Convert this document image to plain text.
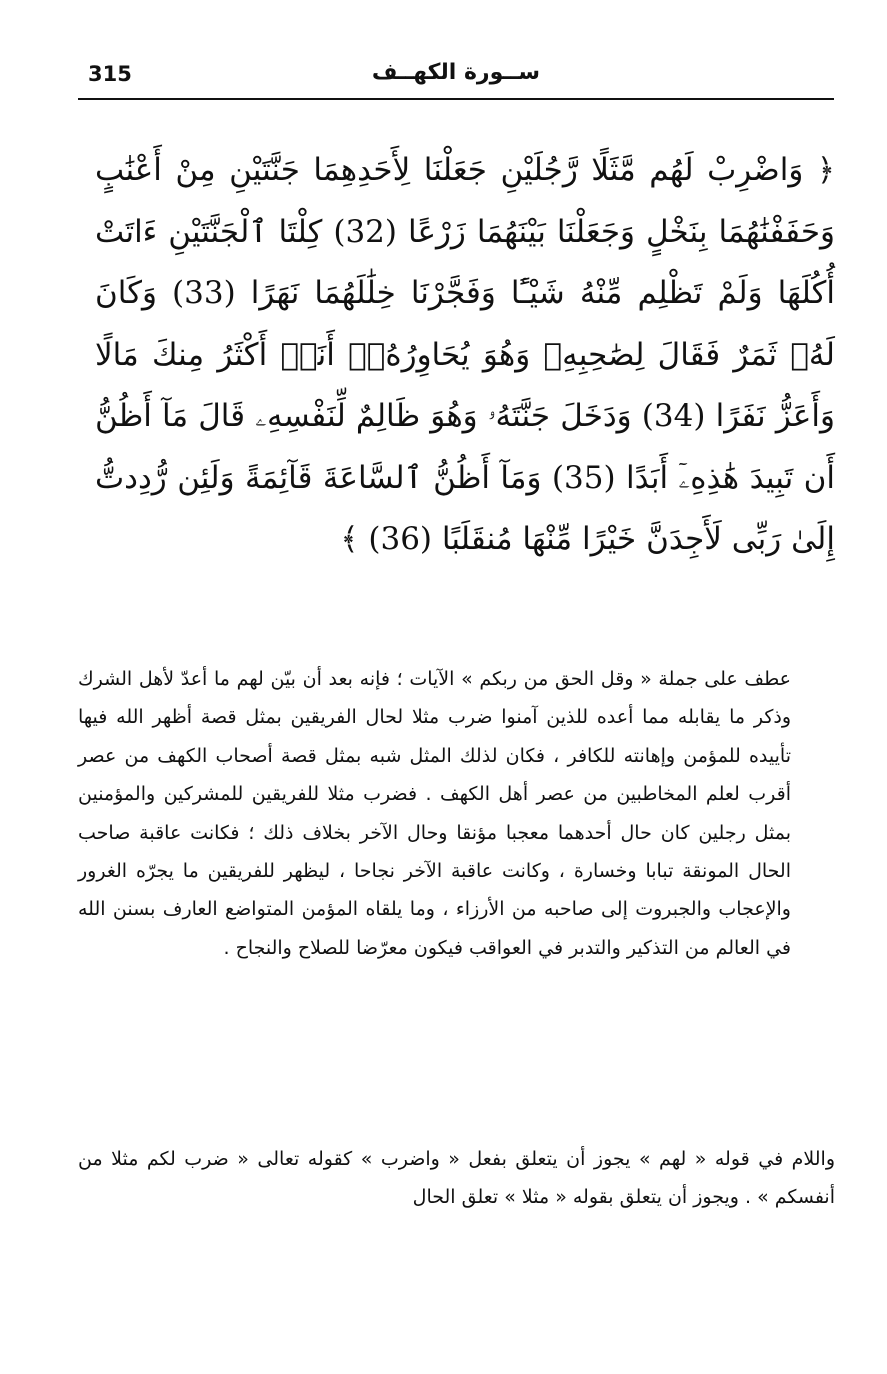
315	ســورة الكهــف
﴿ وَاضْرِبْ لَهُم مَّثَلًا رَّجُلَيْنِ جَعَلْنَا لِأَحَدِهِمَا جَنَّتَيْنِ مِنْ أَعْنَٰبٍ وَحَفَفْنَٰهُمَا بِنَخْلٍ وَجَعَلْنَا بَيْنَهُمَا زَرْعًا (32) كِلْتَا ٱلْجَنَّتَيْنِ ءَاتَتْ أُكُلَهَا وَلَمْ تَظْلِم مِّنْهُ شَيْـًٔا وَفَجَّرْنَا خِلَٰلَهُمَا نَهَرًا (33) وَكَانَ لَهُۥ ثَمَرٌ فَقَالَ لِصَٰحِبِهِۦ وَهُوَ يُحَاوِرُهُۥٓ أَنَا۠ أَكْثَرُ مِنكَ مَالًا وَأَعَزُّ نَفَرًا (34) وَدَخَلَ جَنَّتَهُۥ وَهُوَ ظَالِمٌ لِّنَفْسِهِۦ قَالَ مَآ أَظُنُّ أَن تَبِيدَ هَٰذِهِۦٓ أَبَدًا (35) وَمَآ أَظُنُّ ٱلسَّاعَةَ قَآئِمَةً وَلَئِن رُّدِدتُّ إِلَىٰ رَبِّى لَأَجِدَنَّ خَيْرًا مِّنْهَا مُنقَلَبًا (36) ﴾

عطف على جملة « وقل الحق من ربكم » الآيات ؛ فإنه بعد أن بيّن لهم ما أعدّ لأهل الشرك وذكر ما يقابله مما أعده للذين آمنوا ضرب مثلا لحال الفريقين بمثل قصة أظهر الله فيها تأييده للمؤمن وإهانته للكافر ، فكان لذلك المثل شبه بمثل قصة أصحاب الكهف من عصر أقرب لعلم المخاطبين من عصر أهل الكهف . فضرب مثلا للفريقين للمشركين والمؤمنين بمثل رجلين كان حال أحدهما معجبا مؤنقا وحال الآخر بخلاف ذلك ؛ فكانت عاقبة صاحب الحال المونقة تبابا وخسارة ، وكانت عاقبة الآخر نجاحا ، ليظهر للفريقين ما يجرّه الغرور والإعجاب والجبروت إلى صاحبه من الأرزاء ، وما يلقاه المؤمن المتواضع العارف بسنن الله في العالم من التذكير والتدبر في العواقب فيكون معرّضا للصلاح والنجاح .

واللام في قوله « لهم » يجوز أن يتعلق بفعل « واضرب » كقوله تعالى « ضرب لكم مثلا من أنفسكم » . ويجوز أن يتعلق بقوله « مثلا » تعلق الحال
